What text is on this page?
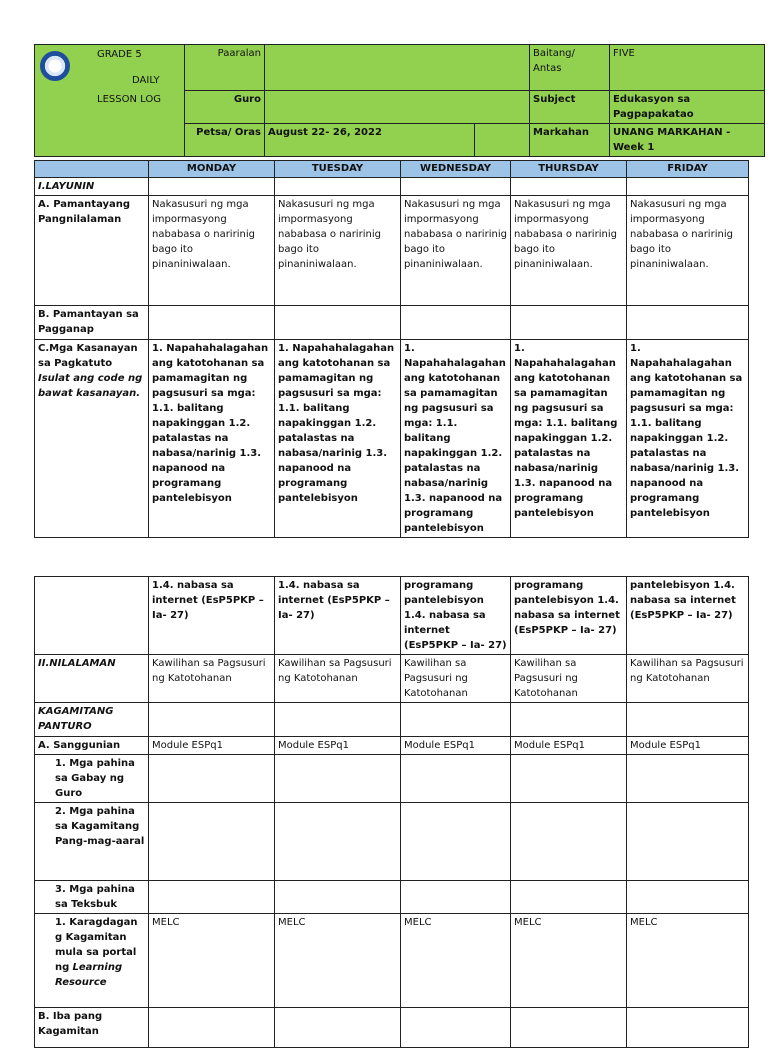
GRADE 5
DAILY
LESSON LOG	Paaralan			Baitang/ Antas	FIVE
	Guro			Subject	Edukasyon sa Pagpapakatao
	Petsa/ Oras	August 22- 26, 2022		Markahan	UNANG MARKAHAN - Week 1
	MONDAY	TUESDAY	WEDNESDAY	THURSDAY	FRIDAY
I.LAYUNIN					
A. Pamantayang Pangnilalaman	Nakasusuri ng mga impormasyong nababasa o naririnig bago ito pinaniniwalaan.	Nakasusuri ng mga impormasyong nababasa o naririnig bago ito pinaniniwalaan.	Nakasusuri ng mga impormasyong nababasa o naririnig bago ito pinaniniwalaan.	Nakasusuri ng mga impormasyong nababasa o naririnig bago ito pinaniniwalaan.	Nakasusuri ng mga impormasyong nababasa o naririnig bago ito pinaniniwalaan.
B. Pamantayan sa Pagganap					

C.Mga Kasanayan sa Pagkatuto
Isulat ang code ng bawat kasanayan.	1. Napahahalagahan ang katotohanan sa pamamagitan ng pagsusuri sa mga: 1.1. balitang napakinggan 1.2. patalastas na nabasa/narinig 1.3. napanood na programang pantelebisyon	1. Napahahalagahan ang katotohanan sa pamamagitan ng pagsusuri sa mga: 1.1. balitang napakinggan 1.2. patalastas na nabasa/narinig 1.3. napanood na programang pantelebisyon	1. Napahahalagahan ang katotohanan sa pamamagitan ng pagsusuri sa mga: 1.1. balitang napakinggan 1.2. patalastas na nabasa/narinig 1.3. napanood na programang pantelebisyon	1. Napahahalagahan ang katotohanan sa pamamagitan ng pagsusuri sa mga: 1.1. balitang napakinggan 1.2. patalastas na nabasa/narinig 1.3. napanood na programang pantelebisyon	1. Napahahalagahan ang katotohanan sa pamamagitan ng pagsusuri sa mga: 1.1. balitang napakinggan 1.2. patalastas na nabasa/narinig 1.3. napanood na programang pantelebisyon
	1.4. nabasa sa internet (EsP5PKP – Ia- 27)	1.4. nabasa sa internet (EsP5PKP – Ia- 27)	programang pantelebisyon 1.4. nabasa sa internet (EsP5PKP – Ia- 27)	programang pantelebisyon 1.4. nabasa sa internet (EsP5PKP – Ia- 27)	pantelebisyon 1.4. nabasa sa internet (EsP5PKP – Ia- 27)
II.NILALAMAN	Kawilihan sa Pagsusuri ng Katotohanan	Kawilihan sa Pagsusuri ng Katotohanan	Kawilihan sa Pagsusuri ng Katotohanan	Kawilihan sa Pagsusuri ng Katotohanan	Kawilihan sa Pagsusuri ng Katotohanan
KAGAMITANG PANTURO					
A. Sanggunian	Module ESPq1	Module ESPq1	Module ESPq1	Module ESPq1	Module ESPq1
1. Mga pahina sa Gabay ng Guro					
2. Mga pahina sa Kagamitang Pang-mag-aaral					
3. Mga pahina sa Teksbuk					
1. Karagdagan g Kagamitan mula sa portal ng Learning Resource	MELC	MELC	MELC	MELC	MELC
B. Iba pang Kagamitan					
